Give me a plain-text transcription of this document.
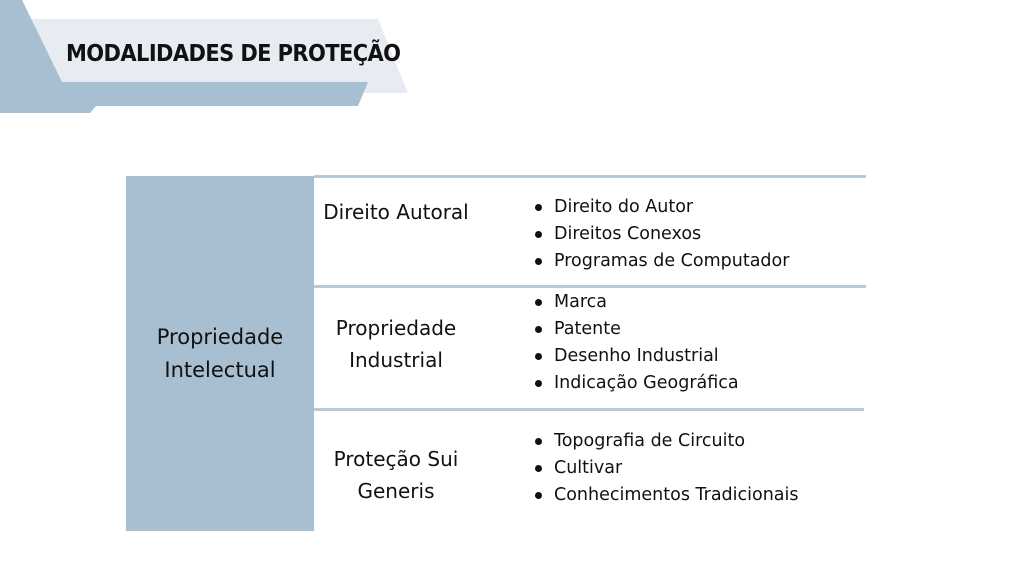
MODALIDADES DE PROTEÇÃO
Propriedade Intelectual
Direito Autoral	Direito do Autor
Direitos Conexos
Programas de Computador
Propriedade Industrial
Marca
Patente
Desenho Industrial
Indicação Geográfica
Proteção Sui Generis
Topografia de Circuito
Cultivar
Conhecimentos Tradicionais
